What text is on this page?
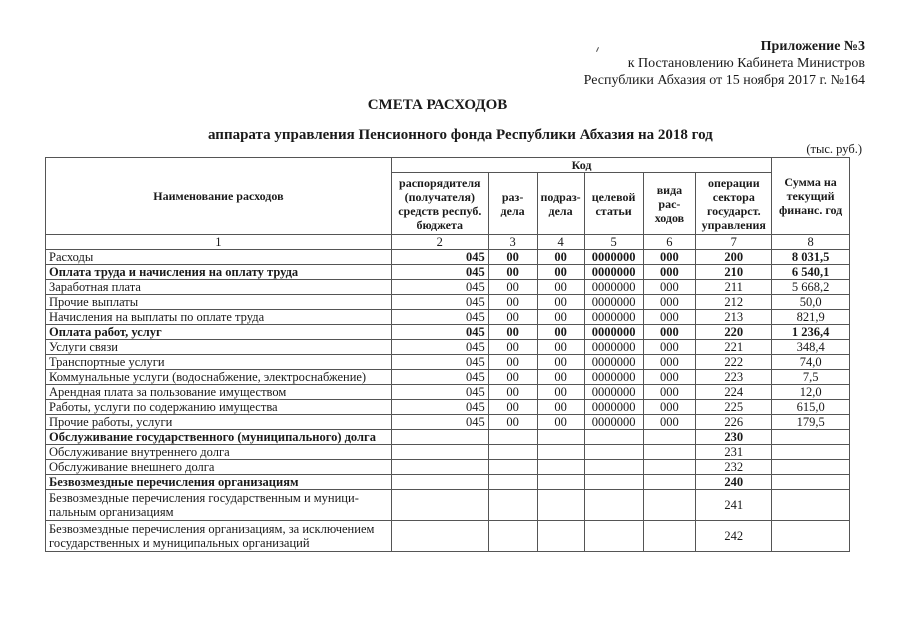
Приложение №3
к Постановлению Кабинета Министров
Республики Абхазия от 15 ноября 2017 г. №164
СМЕТА РАСХОДОВ
аппарата управления Пенсионного фонда Республики Абхазия на 2018 год
(тыс. руб.)
Наименование расходов	Код						Сумма на текущий финанс. год
	распорядителя (получателя) средств респуб. бюджета	раз-дела	подраз-дела	целевой статьи	вида рас-ходов	операции сектора государст. управления	
1	2	3	4	5	6	7	8
Расходы	045	00	00	0000000	000	200	8 031,5
Оплата труда и начисления на оплату труда	045	00	00	0000000	000	210	6 540,1
Заработная плата	045	00	00	0000000	000	211	5 668,2
Прочие выплаты	045	00	00	0000000	000	212	50,0
Начисления на выплаты по оплате труда	045	00	00	0000000	000	213	821,9
Оплата работ, услуг	045	00	00	0000000	000	220	1 236,4
Услуги связи	045	00	00	0000000	000	221	348,4
Транспортные услуги	045	00	00	0000000	000	222	74,0
Коммунальные услуги (водоснабжение, электроснабжение)	045	00	00	0000000	000	223	7,5
Арендная плата за пользование имуществом	045	00	00	0000000	000	224	12,0
Работы, услуги по содержанию имущества	045	00	00	0000000	000	225	615,0
Прочие работы, услуги	045	00	00	0000000	000	226	179,5
Обслуживание государственного (муниципального) долга						230	
Обслуживание внутреннего долга						231	
Обслуживание внешнего долга						232	
Безвозмездные перечисления организациям						240	
Безвозмездные перечисления государственным и муници-пальным организациям						241	
Безвозмездные перечисления организациям, за исключением государственных и муниципальных организаций						242	
